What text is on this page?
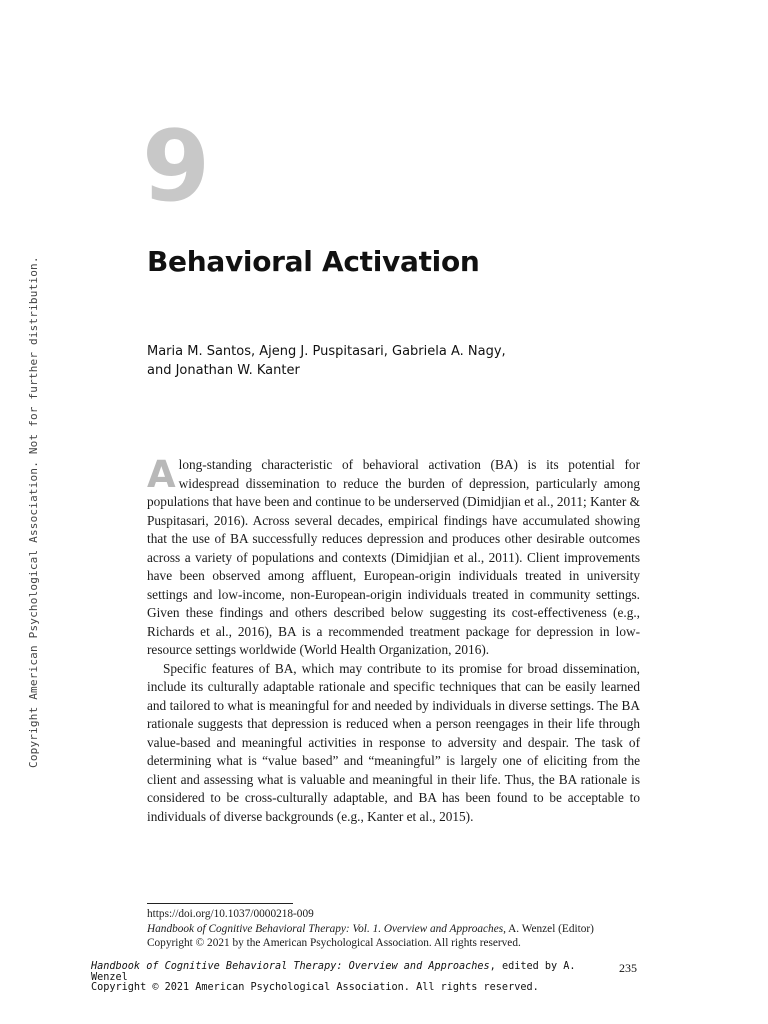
Copyright American Psychological Association. Not for further distribution.
9
Behavioral Activation
Maria M. Santos, Ajeng J. Puspitasari, Gabriela A. Nagy,
and Jonathan W. Kanter

A long-standing characteristic of behavioral activation (BA) is its potential for widespread dissemination to reduce the burden of depression, particularly among populations that have been and continue to be underserved (Dimidjian et al., 2011; Kanter & Puspitasari, 2016). Across several decades, empirical findings have accumulated showing that the use of BA successfully reduces depression and produces other desirable outcomes across a variety of populations and contexts (Dimidjian et al., 2011). Client improvements have been observed among affluent, European-origin individuals treated in university settings and low-income, non-European-origin individuals treated in community settings. Given these findings and others described below suggesting its cost-effectiveness (e.g., Richards et al., 2016), BA is a recommended treatment package for depression in low-resource settings worldwide (World Health Organization, 2016).

Specific features of BA, which may contribute to its promise for broad dissemination, include its culturally adaptable rationale and specific techniques that can be easily learned and tailored to what is meaningful for and needed by individuals in diverse settings. The BA rationale suggests that depression is reduced when a person reengages in their life through value-based and meaningful activities in response to adversity and despair. The task of determining what is “value based” and “meaningful” is largely one of eliciting from the client and assessing what is valuable and meaningful in their life. Thus, the BA rationale is considered to be cross-culturally adaptable, and BA has been found to be acceptable to individuals of diverse backgrounds (e.g., Kanter et al., 2015).

https://doi.org/10.1037/0000218-009
Handbook of Cognitive Behavioral Therapy: Vol. 1. Overview and Approaches, A. Wenzel (Editor)
Copyright © 2021 by the American Psychological Association. All rights reserved.
Handbook of Cognitive Behavioral Therapy: Overview and Approaches, edited by A. Wenzel
Copyright © 2021 American Psychological Association. All rights reserved.
235
